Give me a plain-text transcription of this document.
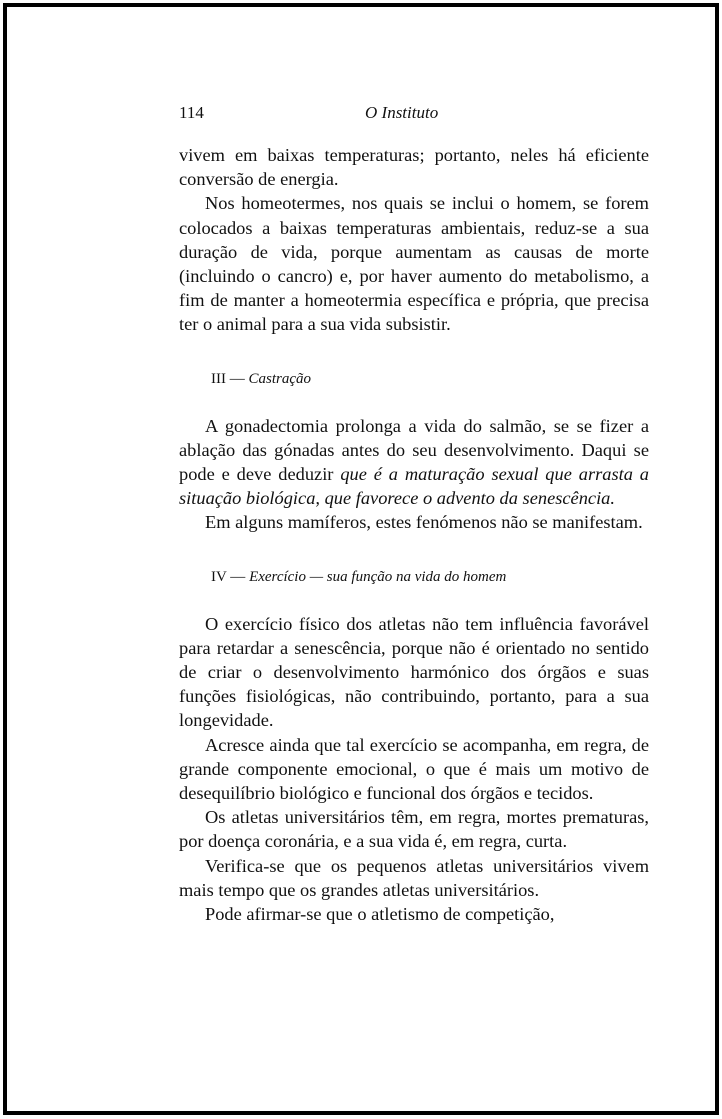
114	O Instituto

vivem em baixas temperaturas; portanto, neles há eficiente conversão de energia.

Nos homeotermes, nos quais se inclui o homem, se forem colocados a baixas temperaturas ambientais, reduz-se a sua duração de vida, porque aumentam as causas de morte (incluindo o cancro) e, por haver aumento do metabolismo, a fim de manter a homeotermia específica e própria, que precisa ter o animal para a sua vida subsistir.

III — Castração

A gonadectomia prolonga a vida do salmão, se se fizer a ablação das gónadas antes do seu desenvolvimento. Daqui se pode e deve deduzir que é a maturação sexual que arrasta a situação biológica, que favorece o advento da senescência.

Em alguns mamíferos, estes fenómenos não se manifestam.

IV — Exercício — sua função na vida do homem

O exercício físico dos atletas não tem influência favorável para retardar a senescência, porque não é orientado no sentido de criar o desenvolvimento harmónico dos órgãos e suas funções fisiológicas, não contribuindo, portanto, para a sua longevidade.

Acresce ainda que tal exercício se acompanha, em regra, de grande componente emocional, o que é mais um motivo de desequilíbrio biológico e funcional dos órgãos e tecidos.

Os atletas universitários têm, em regra, mortes prematuras, por doença coronária, e a sua vida é, em regra, curta.

Verifica-se que os pequenos atletas universitários vivem mais tempo que os grandes atletas universitários.

Pode afirmar-se que o atletismo de competição,
